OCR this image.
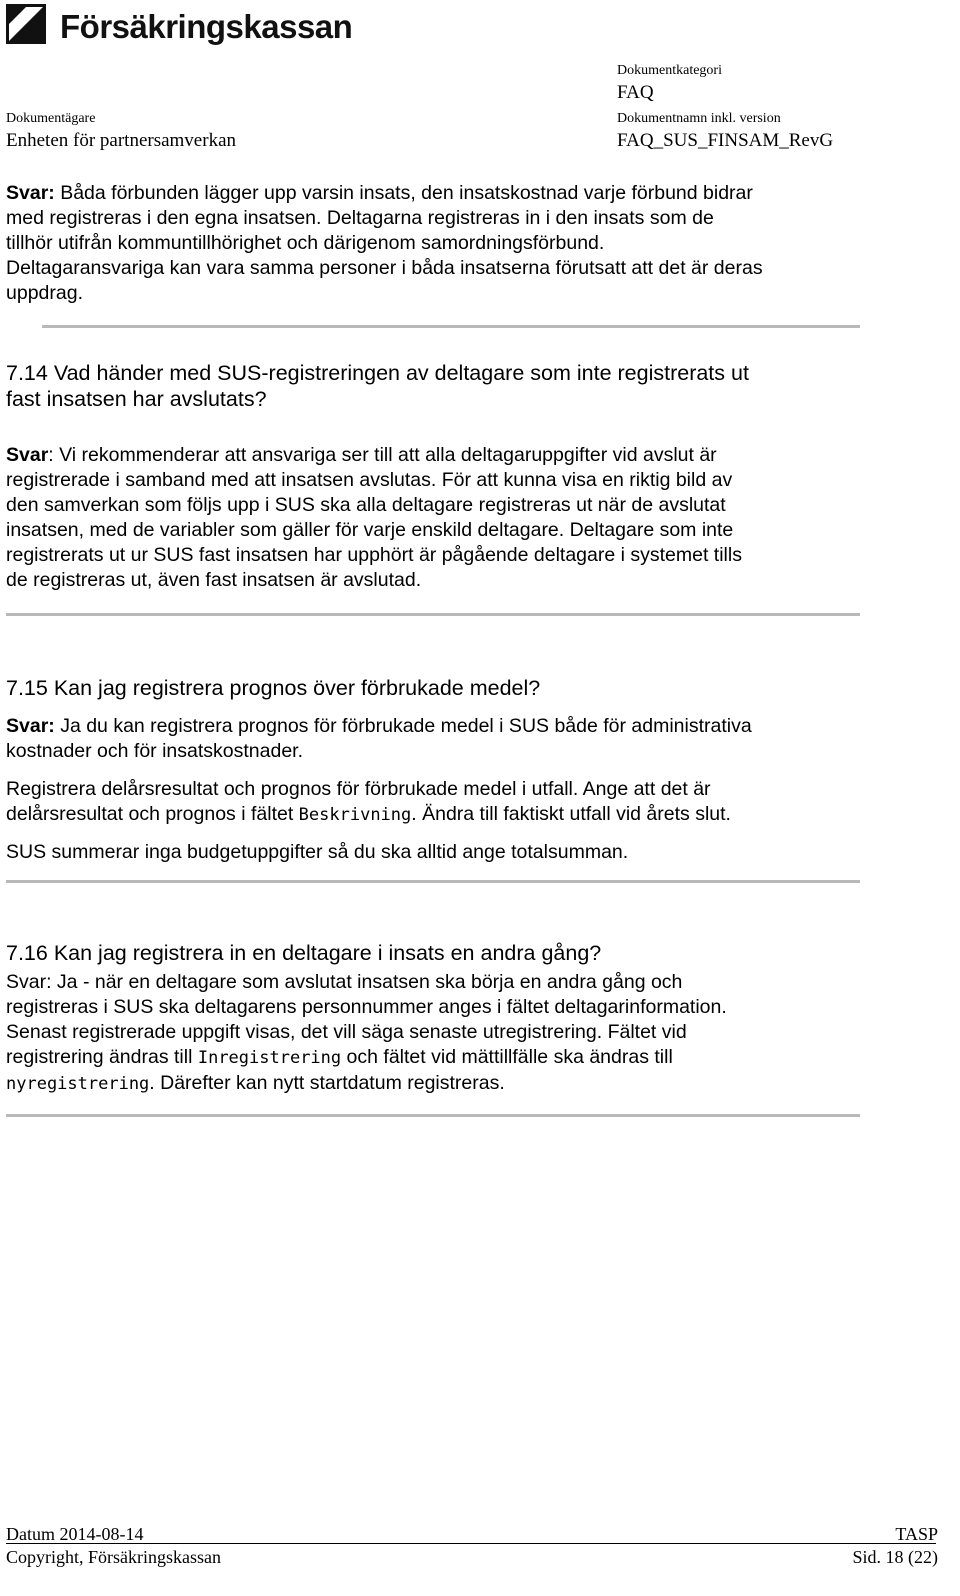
Försäkringskassan
Dokumentkategori
FAQ
Dokumentägare
Enheten för partnersamverkan
Dokumentnamn inkl. version
FAQ_SUS_FINSAM_RevG
Svar: Båda förbunden lägger upp varsin insats, den insatskostnad varje förbund bidrar
med registreras i den egna insatsen. Deltagarna registreras in i den insats som de
tillhör utifrån kommuntillhörighet och därigenom samordningsförbund.
Deltagaransvariga kan vara samma personer i båda insatserna förutsatt att det är deras
uppdrag.
7.14 Vad händer med SUS-registreringen av deltagare som inte registrerats ut
fast insatsen har avslutats?
Svar: Vi rekommenderar att ansvariga ser till att alla deltagaruppgifter vid avslut är
registrerade i samband med att insatsen avslutas. För att kunna visa en riktig bild av
den samverkan som följs upp i SUS ska alla deltagare registreras ut när de avslutat
insatsen, med de variabler som gäller för varje enskild deltagare. Deltagare som inte
registrerats ut ur SUS fast insatsen har upphört är pågående deltagare i systemet tills
de registreras ut, även fast insatsen är avslutad.
7.15 Kan jag registrera prognos över förbrukade medel?
Svar: Ja du kan registrera prognos för förbrukade medel i SUS både för administrativa
kostnader och för insatskostnader.
Registrera delårsresultat och prognos för förbrukade medel i utfall. Ange att det är
delårsresultat och prognos i fältet Beskrivning. Ändra till faktiskt utfall vid årets slut.
SUS summerar inga budgetuppgifter så du ska alltid ange totalsumman.
7.16 Kan jag registrera in en deltagare i insats en andra gång?
Svar: Ja - när en deltagare som avslutat insatsen ska börja en andra gång och
registreras i SUS ska deltagarens personnummer anges i fältet deltagarinformation.
Senast registrerade uppgift visas, det vill säga senaste utregistrering. Fältet vid
registrering ändras till Inregistrering och fältet vid mättillfälle ska ändras till
nyregistrering. Därefter kan nytt startdatum registreras.
Datum 2014-08-14
Copyright, Försäkringskassan
TASP
Sid. 18 (22)
